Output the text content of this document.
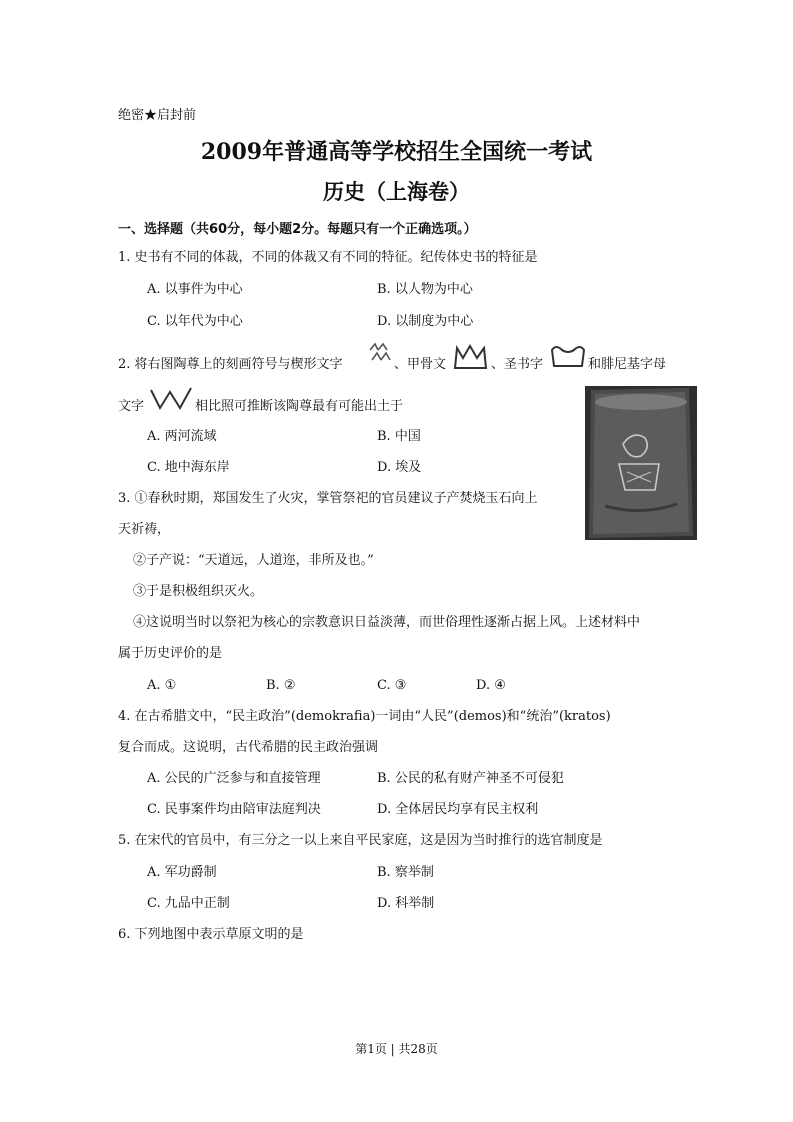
绝密★启封前
2009年普通高等学校招生全国统一考试
历史（上海卷）
一、选择题（共60分，每小题2分。每题只有一个正确选项。）
1. 史书有不同的体裁，不同的体裁又有不同的特征。纪传体史书的特征是
A. 以事件为中心	B. 以人物为中心
C. 以年代为中心	D. 以制度为中心
2. 将右图陶尊上的刻画符号与楔形文字	、甲骨文	、圣书字	和腓尼基字母
文字	相比照可推断该陶尊最有可能出土于
A. 两河流域	B. 中国
C. 地中海东岸	D. 埃及
3. ①春秋时期，郑国发生了火灾，掌管祭祀的官员建议子产焚烧玉石向上
天祈祷，
②子产说：“天道远，人道迩，非所及也。”
③于是积极组织灭火。
④这说明当时以祭祀为核心的宗教意识日益淡薄，而世俗理性逐渐占据上风。上述材料中
属于历史评价的是
A. ①	B. ②	C. ③	D. ④
4. 在古希腊文中，“民主政治”(demokrafia)一词由“人民”(demos)和“统治”(kratos)
复合而成。这说明，古代希腊的民主政治强调
A. 公民的广泛参与和直接管理	B. 公民的私有财产神圣不可侵犯
C. 民事案件均由陪审法庭判决	D. 全体居民均享有民主权利
5. 在宋代的官员中，有三分之一以上来自平民家庭，这是因为当时推行的选官制度是
A. 军功爵制	B. 察举制
C. 九品中正制	D. 科举制
6. 下列地图中表示草原文明的是
第1页 | 共28页
